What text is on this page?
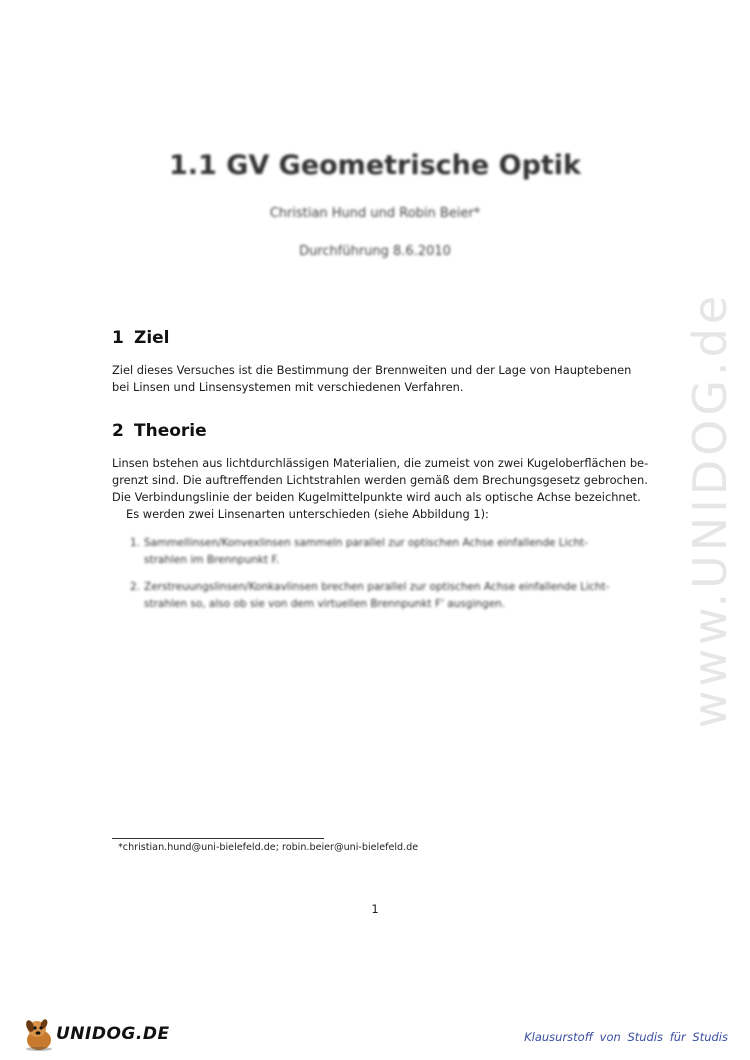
www.UNIDOG.de
1.1 GV Geometrische Optik
Christian Hund und Robin Beier*
Durchführung 8.6.2010
1 Ziel
Ziel dieses Versuches ist die Bestimmung der Brennweiten und der Lage von Hauptebenen
bei Linsen und Linsensystemen mit verschiedenen Verfahren.
2 Theorie
Linsen bstehen aus lichtdurchlässigen Materialien, die zumeist von zwei Kugeloberflächen be-
grenzt sind. Die auftreffenden Lichtstrahlen werden gemäß dem Brechungsgesetz gebrochen.
Die Verbindungslinie der beiden Kugelmittelpunkte wird auch als optische Achse bezeichnet.
Es werden zwei Linsenarten unterschieden (siehe Abbildung 1):
1. Sammellinsen/Konvexlinsen sammeln parallel zur optischen Achse einfallende Licht-
strahlen im Brennpunkt F.
2. Zerstreuungslinsen/Konkavlinsen brechen parallel zur optischen Achse einfallende Licht-
strahlen so, also ob sie von dem virtuellen Brennpunkt F' ausgingen.
*christian.hund@uni-bielefeld.de; robin.beier@uni-bielefeld.de
1
UNIDOG.DE	Klausurstoff von Studis für Studis
